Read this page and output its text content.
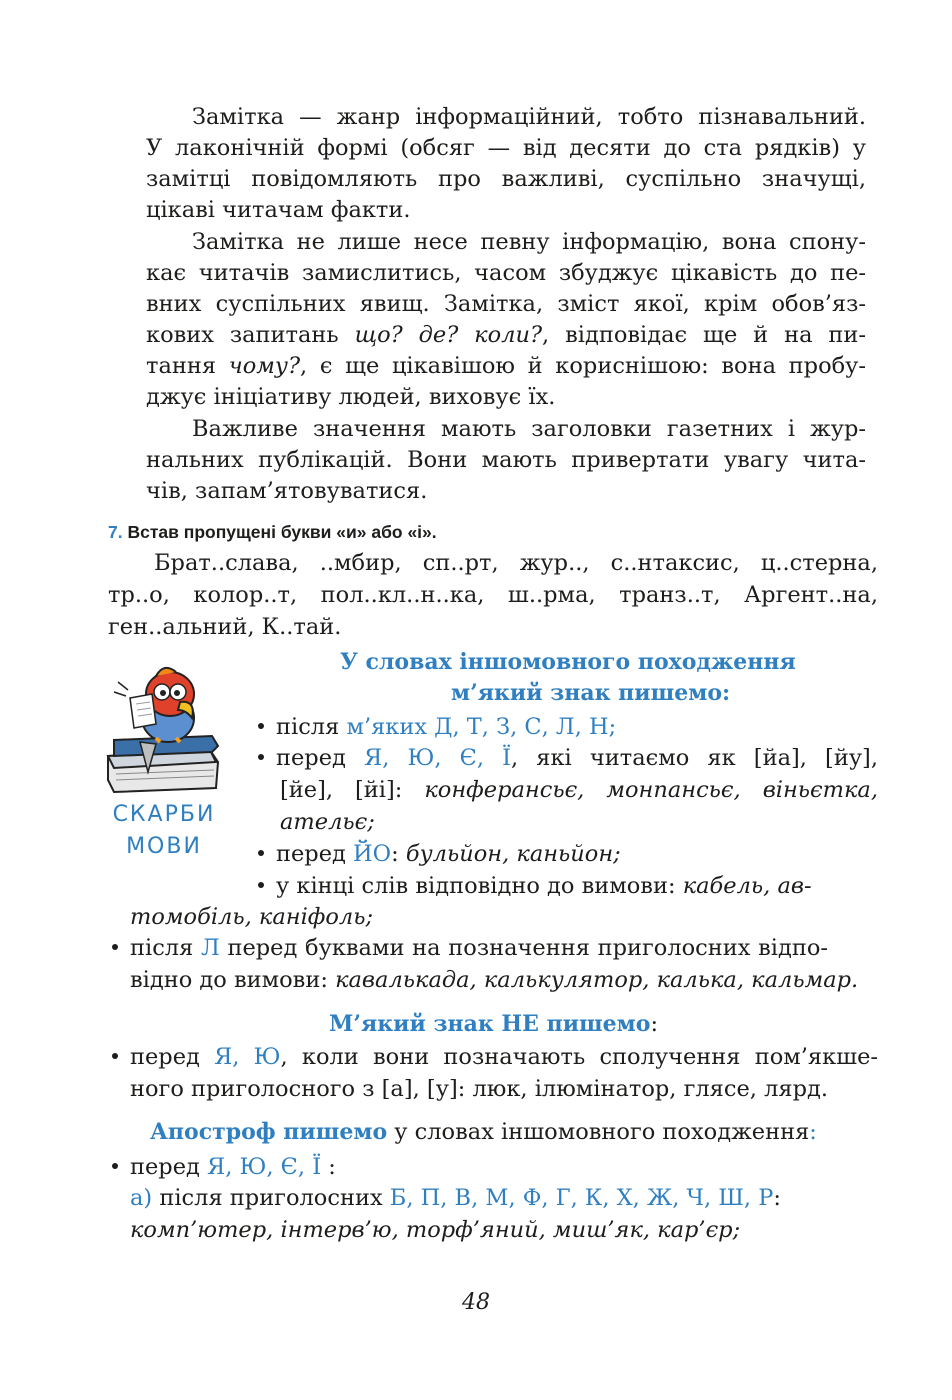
Замітка — жанр інформаційний, тобто пізнавальний.
У лаконічній формі (обсяг — від десяти до ста рядків) у
замітці повідомляють про важливі, суспільно значущі,
цікаві читачам факти.
Замітка не лише несе певну інформацію, вона спону-
кає читачів замислитись, часом збуджує цікавість до пе-
вних суспільних явищ. Замітка, зміст якої, крім обов’яз-
кових запитань що? де? коли?, відповідає ще й на пи-
тання чому?, є ще цікавішою й кориснішою: вона пробу-
джує ініціативу людей, виховує їх.
Важливе значення мають заголовки газетних і жур-
нальних публікацій. Вони мають привертати увагу чита-
чів, запам’ятовуватися.
7. Встав пропущені букви «и» або «і».
Брат..слава, ..мбир, сп..рт, жур.., с..нтаксис, ц..стерна,
тр..о, колор..т, пол..кл..н..ка, ш..рма, транз..т, Аргент..на,
ген..альний, К..тай.
СКАРБИ
МОВИ
У словах іншомовного походження
м’який знак пишемо:
після м’яких Д, Т, З, С, Л, Н;
перед Я, Ю, Є, Ї, які читаємо як [йа], [йу],
[йе], [йі]: конферансьє, монпансьє, віньєтка,
ательє;
перед ЙО: бульйон, каньйон;
у кінці слів відповідно до вимови: кабель, ав-
томобіль, каніфоль;
після Л перед буквами на позначення приголосних відпо-
відно до вимови: кавалькада, калькулятор, калька, кальмар.
М’який знак НЕ пишемо:
перед Я, Ю, коли вони позначають сполучення пом’якше-
ного приголосного з [а], [у]: люк, ілюмінатор, глясе, лярд.
Апостроф пишемо у словах іншомовного походження:
перед Я, Ю, Є, Ї :
а) після приголосних Б, П, В, М, Ф, Г, К, Х, Ж, Ч, Ш, Р:
комп’ютер, інтерв’ю, торф’яний, миш’як, кар’єр;
48
